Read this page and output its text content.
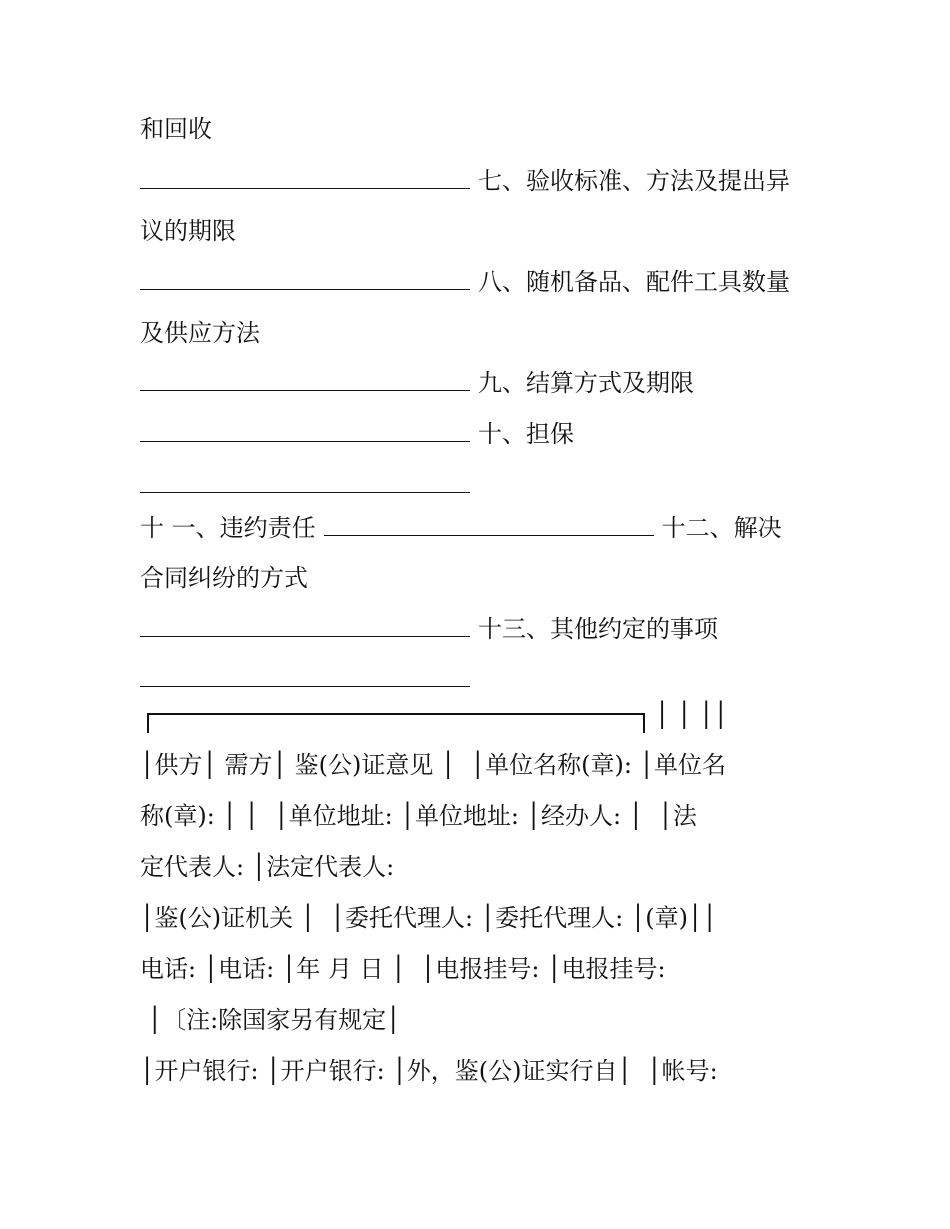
和回收
七、验收标准、方法及提出异
议的期限
八、随机备品、配件工具数量
及供应方法
九、结算方式及期限
十、担保
十 一、违约责任	十二、解决
合同纠纷的方式
十三、其他约定的事项
│ │ ││
│供方│ 需方│ 鉴(公)证意见 │  │单位名称(章): │单位名
称(章): │ │  │单位地址: │单位地址: │经办人: │  │法
定代表人: │法定代表人:
│鉴(公)证机关 │  │委托代理人: │委托代理人: │(章)││
电话: │电话: │年 月 日 │  │电报挂号: │电报挂号:
│〔注:除国家另有规定│
│开户银行: │开户银行: │外，鉴(公)证实行自│  │帐号:
